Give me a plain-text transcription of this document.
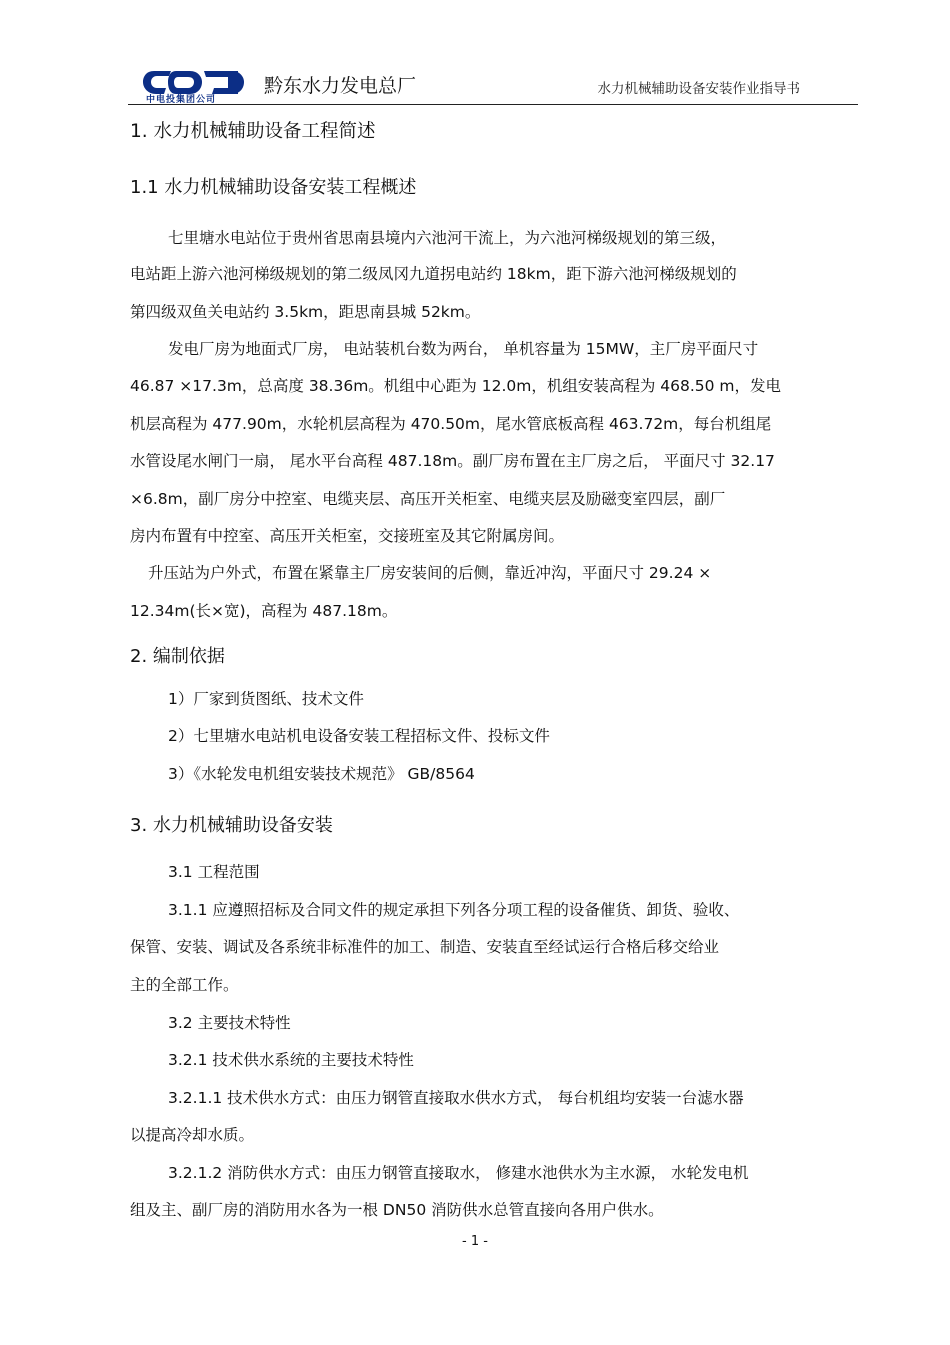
中电投集团公司
黔东水力发电总厂	水力机械辅助设备安装作业指导书
1. 水力机械辅助设备工程简述
1.1 水力机械辅助设备安装工程概述
七里塘水电站位于贵州省思南县境内六池河干流上，为六池河梯级规划的第三级，
电站距上游六池河梯级规划的第二级凤冈九道拐电站约 18km，距下游六池河梯级规划的
第四级双鱼关电站约 3.5km，距思南县城 52km。
发电厂房为地面式厂房， 电站装机台数为两台， 单机容量为 15MW，主厂房平面尺寸
46.87 ×17.3m，总高度 38.36m。机组中心距为 12.0m，机组安装高程为 468.50 m，发电
机层高程为 477.90m，水轮机层高程为 470.50m，尾水管底板高程 463.72m，每台机组尾
水管设尾水闸门一扇， 尾水平台高程 487.18m。副厂房布置在主厂房之后， 平面尺寸 32.17
×6.8m，副厂房分中控室、电缆夹层、高压开关柜室、电缆夹层及励磁变室四层，副厂
房内布置有中控室、高压开关柜室，交接班室及其它附属房间。
升压站为户外式，布置在紧靠主厂房安装间的后侧，靠近冲沟，平面尺寸 29.24 ×
12.34m(长×宽)，高程为 487.18m。
2. 编制依据
1）厂家到货图纸、技术文件
2）七里塘水电站机电设备安装工程招标文件、投标文件
3）《水轮发电机组安装技术规范》 GB/8564
3. 水力机械辅助设备安装
3.1 工程范围
3.1.1 应遵照招标及合同文件的规定承担下列各分项工程的设备催货、卸货、验收、
保管、安装、调试及各系统非标准件的加工、制造、安装直至经试运行合格后移交给业
主的全部工作。
3.2 主要技术特性
3.2.1 技术供水系统的主要技术特性
3.2.1.1 技术供水方式：由压力钢管直接取水供水方式， 每台机组均安装一台滤水器
以提高冷却水质。
3.2.1.2 消防供水方式：由压力钢管直接取水， 修建水池供水为主水源， 水轮发电机
组及主、副厂房的消防用水各为一根 DN50 消防供水总管直接向各用户供水。
- 1 -
